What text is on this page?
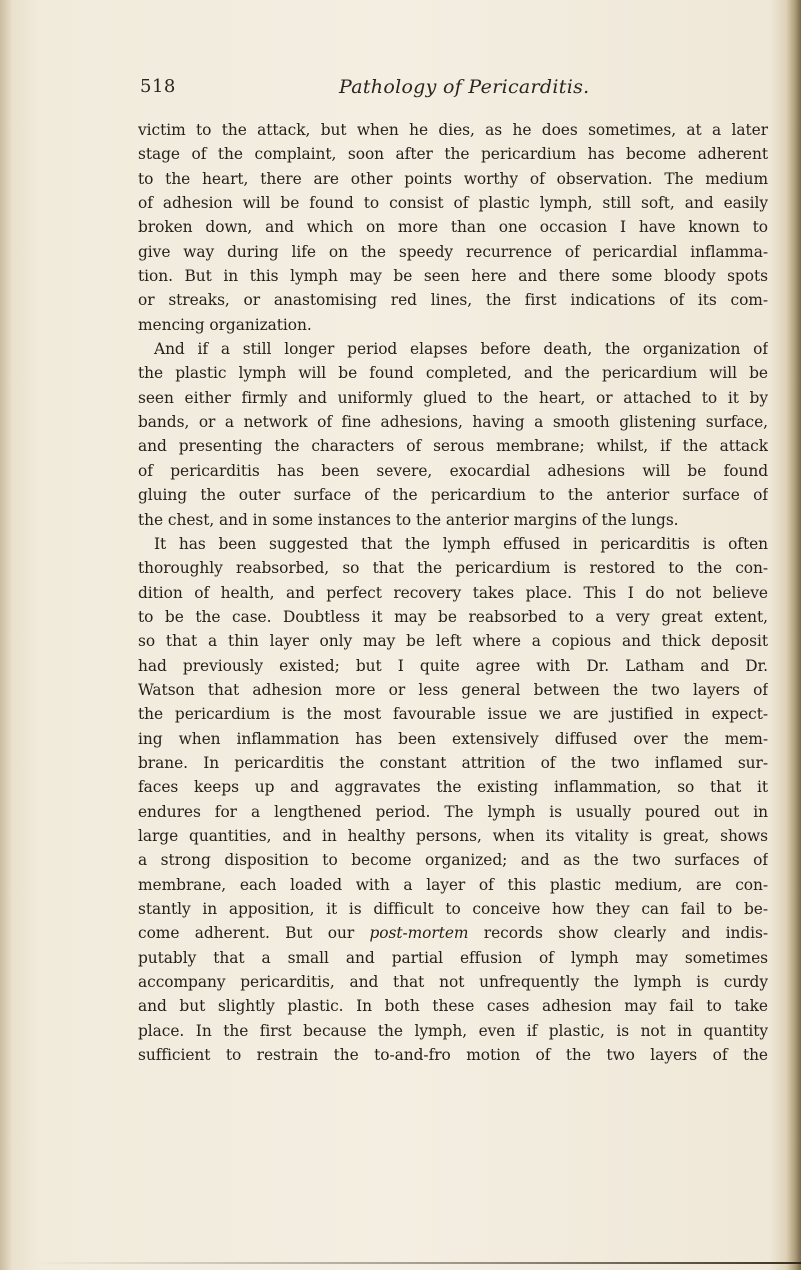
518	Pathology of Pericarditis.
victim to the attack, but when he dies, as he does sometimes, at a later
stage of the complaint, soon after the pericardium has become adherent
to the heart, there are other points worthy of observation. The medium
of adhesion will be found to consist of plastic lymph, still soft, and easily
broken down, and which on more than one occasion I have known to
give way during life on the speedy recurrence of pericardial inflamma-
tion. But in this lymph may be seen here and there some bloody spots
or streaks, or anastomising red lines, the first indications of its com-
mencing organization.
And if a still longer period elapses before death, the organization of
the plastic lymph will be found completed, and the pericardium will be
seen either firmly and uniformly glued to the heart, or attached to it by
bands, or a network of fine adhesions, having a smooth glistening surface,
and presenting the characters of serous membrane; whilst, if the attack
of pericarditis has been severe, exocardial adhesions will be found
gluing the outer surface of the pericardium to the anterior surface of
the chest, and in some instances to the anterior margins of the lungs.
It has been suggested that the lymph effused in pericarditis is often
thoroughly reabsorbed, so that the pericardium is restored to the con-
dition of health, and perfect recovery takes place. This I do not believe
to be the case. Doubtless it may be reabsorbed to a very great extent,
so that a thin layer only may be left where a copious and thick deposit
had previously existed; but I quite agree with Dr. Latham and Dr.
Watson that adhesion more or less general between the two layers of
the pericardium is the most favourable issue we are justified in expect-
ing when inflammation has been extensively diffused over the mem-
brane. In pericarditis the constant attrition of the two inflamed sur-
faces keeps up and aggravates the existing inflammation, so that it
endures for a lengthened period. The lymph is usually poured out in
large quantities, and in healthy persons, when its vitality is great, shows
a strong disposition to become organized; and as the two surfaces of
membrane, each loaded with a layer of this plastic medium, are con-
stantly in apposition, it is difficult to conceive how they can fail to be-
come adherent. But our post-mortem records show clearly and indis-
putably that a small and partial effusion of lymph may sometimes
accompany pericarditis, and that not unfrequently the lymph is curdy
and but slightly plastic. In both these cases adhesion may fail to take
place. In the first because the lymph, even if plastic, is not in quantity
sufficient to restrain the to-and-fro motion of the two layers of the
